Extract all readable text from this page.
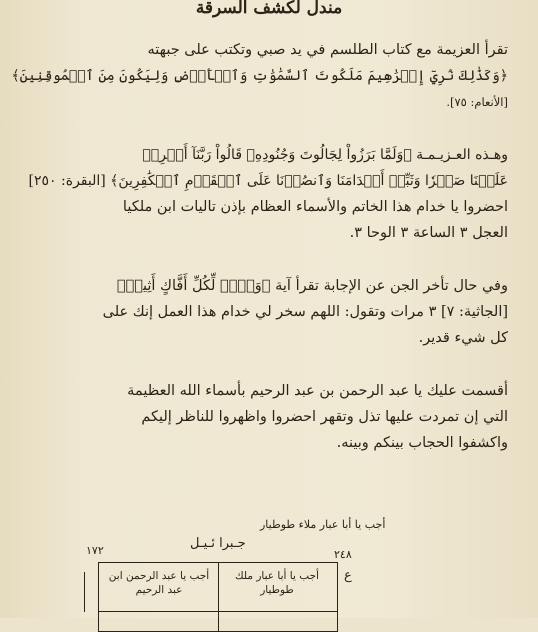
مندل لكشف السرقة
تقرأ العزيمة مع كتاب الطلسم في يد صبي وتكتب على جبهته
﴿وَكَذَٰلِكَ نُرِيٓ إِبۡرَٰهِيمَ مَلَكُوتَ ٱلسَّمَٰوَٰتِ وَٱلۡأَرۡضِ وَلِيَكُونَ مِنَ ٱلۡمُوقِنِينَ﴾
[الأنعام: ٧٥].
وهـذه العـزيـمـة ﴿وَلَمَّا بَرَزُواْ لِجَالُوتَ وَجُنُودِهِۦ قَالُواْ رَبَّنَآ أَفۡرِغۡ
عَلَيۡنَا صَبۡرٗا وَثَبِّتۡ أَقۡدَامَنَا وَٱنصُرۡنَا عَلَى ٱلۡقَوۡمِ ٱلۡكَٰفِرِينَ﴾ [البقرة: ٢٥٠]
احضروا يا خدام هذا الخاتم والأسماء العظام بإذن تاليات ابن ملكيا
العجل ٣ الساعة ٣ الوحا ٣.
وفي حال تأخر الجن عن الإجابة تقرأ آية ﴿وَيۡلٞ لِّكُلِّ أَفَّاكٍ أَثِيمٖ﴾
[الجاثية: ٧] ٣ مرات وتقول: اللهم سخر لي خدام هذا العمل إنك على
كل شيء قدير.
أقسمت عليك يا عبد الرحمن بن عبد الرحيم بأسماء الله العظيمة
التي إن تمردت عليها تذل وتقهر احضروا واظهروا للناظر إليكم
واكشفوا الحجاب بينكم وبينه.
أجب يا أبا عبار ملاء طوطيار
جـبرا ئـيـل
١٧٢	٢٤٨
ع
أجب يا أبا عبار ملك طوطيار
أجب يا عبد الرحمن ابن عبد الرحيم
